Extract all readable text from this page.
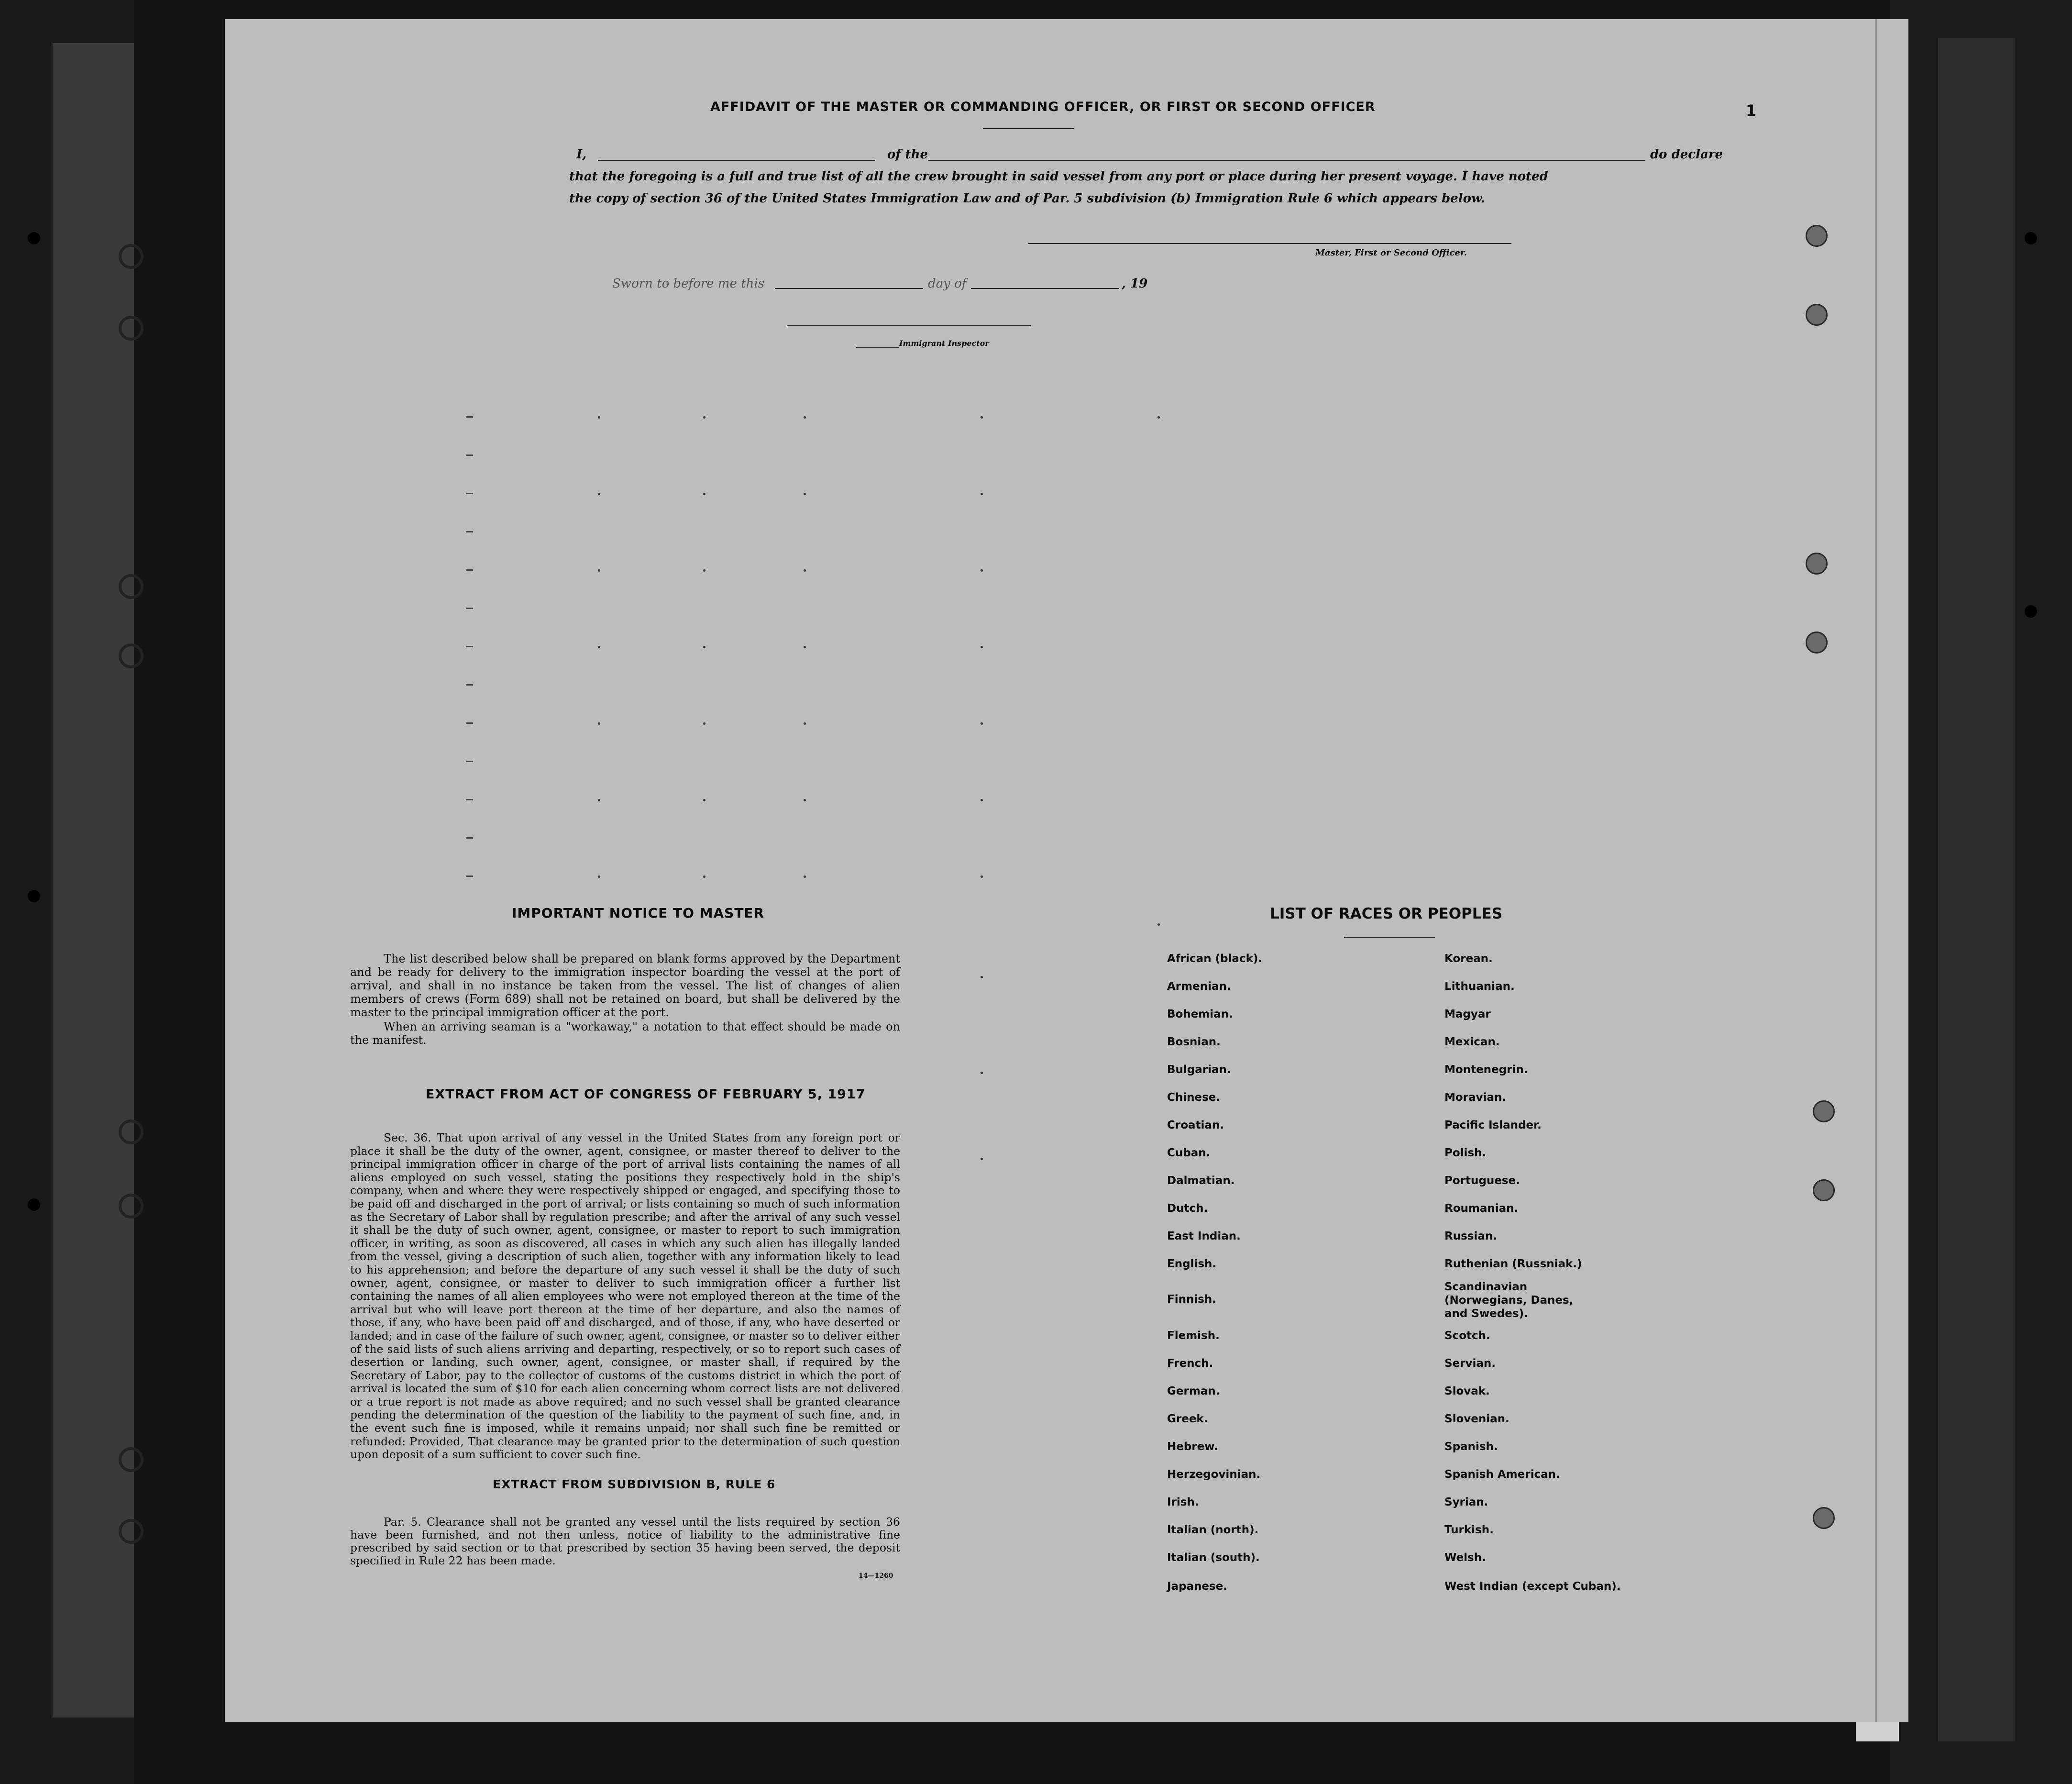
AFFIDAVIT OF THE MASTER OR COMMANDING OFFICER, OR FIRST OR SECOND OFFICER	1
I,	of the	do declare
that the foregoing is a full and true list of all the crew brought in said vessel from any port or place during her present voyage. I have noted
the copy of section 36 of the United States Immigration Law and of Par. 5 subdivision (b) Immigration Rule 6 which appears below.
Master, First or Second Officer.
Sworn to before me this	day of	, 19
Immigrant Inspector
IMPORTANT NOTICE TO MASTER
The list described below shall be prepared on blank forms approved by the Department and be ready for delivery to the immigration inspector boarding the vessel at the port of arrival, and shall in no instance be taken from the vessel. The list of changes of alien members of crews (Form 689) shall not be retained on board, but shall be delivered by the master to the principal immigration officer at the port.
When an arriving seaman is a "workaway," a notation to that effect should be made on the manifest.
EXTRACT FROM ACT OF CONGRESS OF FEBRUARY 5, 1917
Sec. 36. That upon arrival of any vessel in the United States from any foreign port or place it shall be the duty of the owner, agent, consignee, or master thereof to deliver to the principal immigration officer in charge of the port of arrival lists containing the names of all aliens employed on such vessel, stating the positions they respectively hold in the ship's company, when and where they were respectively shipped or engaged, and specifying those to be paid off and discharged in the port of arrival; or lists containing so much of such information as the Secretary of Labor shall by regulation prescribe; and after the arrival of any such vessel it shall be the duty of such owner, agent, consignee, or master to report to such immigration officer, in writing, as soon as discovered, all cases in which any such alien has illegally landed from the vessel, giving a description of such alien, together with any information likely to lead to his apprehension; and before the departure of any such vessel it shall be the duty of such owner, agent, consignee, or master to deliver to such immigration officer a further list containing the names of all alien employees who were not employed thereon at the time of the arrival but who will leave port thereon at the time of her departure, and also the names of those, if any, who have been paid off and discharged, and of those, if any, who have deserted or landed; and in case of the failure of such owner, agent, consignee, or master so to deliver either of the said lists of such aliens arriving and departing, respectively, or so to report such cases of desertion or landing, such owner, agent, consignee, or master shall, if required by the Secretary of Labor, pay to the collector of customs of the customs district in which the port of arrival is located the sum of $10 for each alien concerning whom correct lists are not delivered or a true report is not made as above required; and no such vessel shall be granted clearance pending the determination of the question of the liability to the payment of such fine, and, in the event such fine is imposed, while it remains unpaid; nor shall such fine be remitted or refunded: Provided, That clearance may be granted prior to the determination of such question upon deposit of a sum sufficient to cover such fine.
EXTRACT FROM SUBDIVISION B, RULE 6
Par. 5. Clearance shall not be granted any vessel until the lists required by section 36 have been furnished, and not then unless, notice of liability to the administrative fine prescribed by said section or to that prescribed by section 35 having been served, the deposit specified in Rule 22 has been made.
14—1260
LIST OF RACES OR PEOPLES
African (black).
Armenian.
Bohemian.
Bosnian.
Bulgarian.
Chinese.
Croatian.
Cuban.
Dalmatian.
Dutch.
East Indian.
English.
Finnish.
Flemish.
French.
German.
Greek.
Hebrew.
Herzegovinian.
Irish.
Italian (north).
Italian (south).
Japanese.
Korean.
Lithuanian.
Magyar
Mexican.
Montenegrin.
Moravian.
Pacific Islander.
Polish.
Portuguese.
Roumanian.
Russian.
Ruthenian (Russniak.)
Scandinavian (Norwegians, Danes, and Swedes).
Scotch.
Servian.
Slovak.
Slovenian.
Spanish.
Spanish American.
Syrian.
Turkish.
Welsh.
West Indian (except Cuban).
